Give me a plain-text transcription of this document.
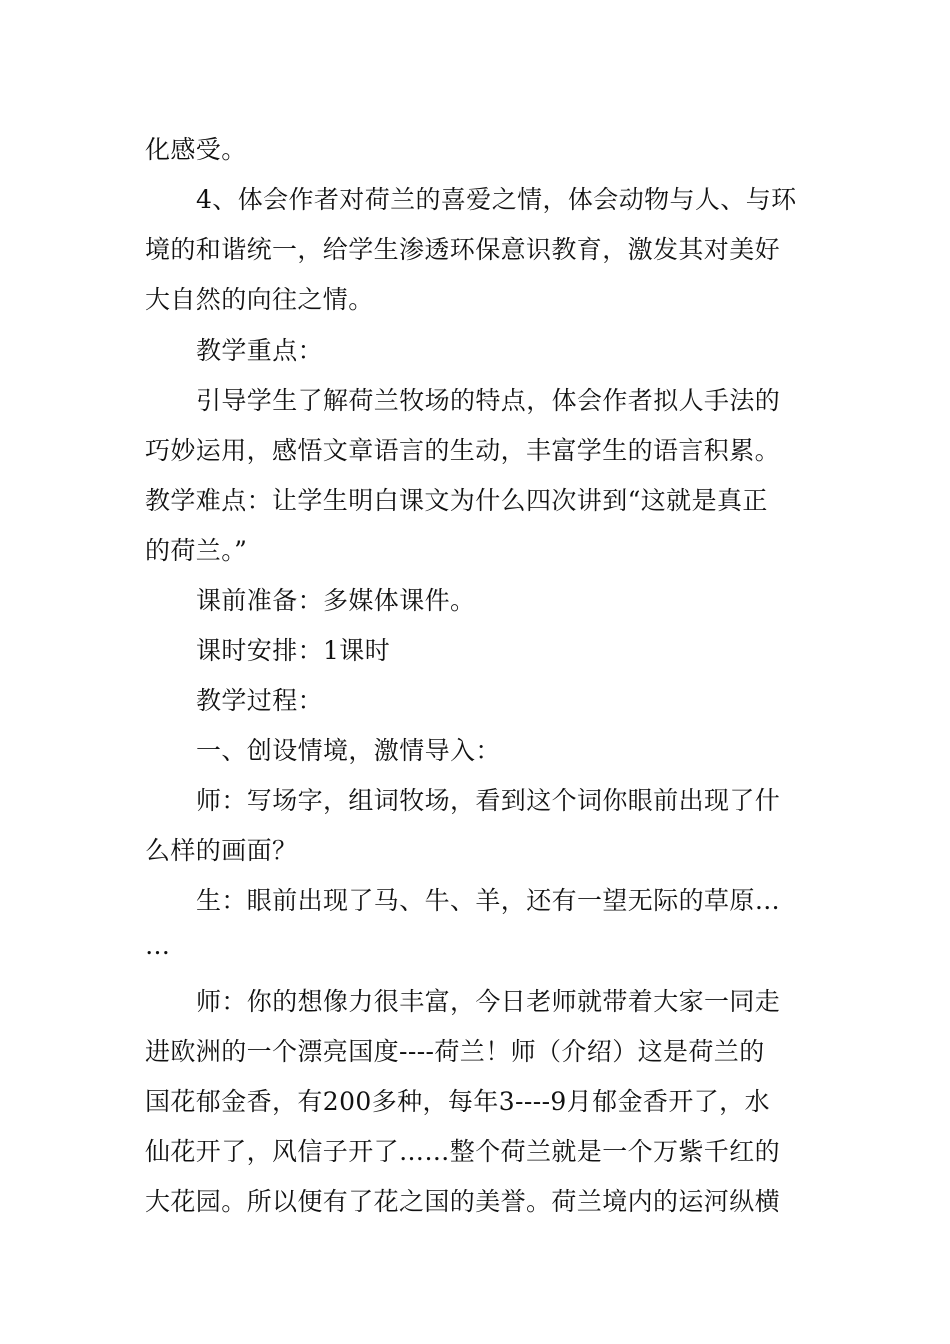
化感受。
4、体会作者对荷兰的喜爱之情，体会动物与人、与环
境的和谐统一，给学生渗透环保意识教育，激发其对美好
大自然的向往之情。
教学重点：
引导学生了解荷兰牧场的特点，体会作者拟人手法的
巧妙运用，感悟文章语言的生动，丰富学生的语言积累。
教学难点：让学生明白课文为什么四次讲到“这就是真正
的荷兰。”
课前准备：多媒体课件。
课时安排：1课时
教学过程：
一、创设情境，激情导入：
师：写场字，组词牧场，看到这个词你眼前出现了什
么样的画面？
生：眼前出现了马、牛、羊，还有一望无际的草原…
…
师：你的想像力很丰富，今日老师就带着大家一同走
进欧洲的一个漂亮国度----荷兰！师（介绍）这是荷兰的
国花郁金香，有200多种，每年3----9月郁金香开了，水
仙花开了，风信子开了……整个荷兰就是一个万紫千红的
大花园。所以便有了花之国的美誉。荷兰境内的运河纵横
